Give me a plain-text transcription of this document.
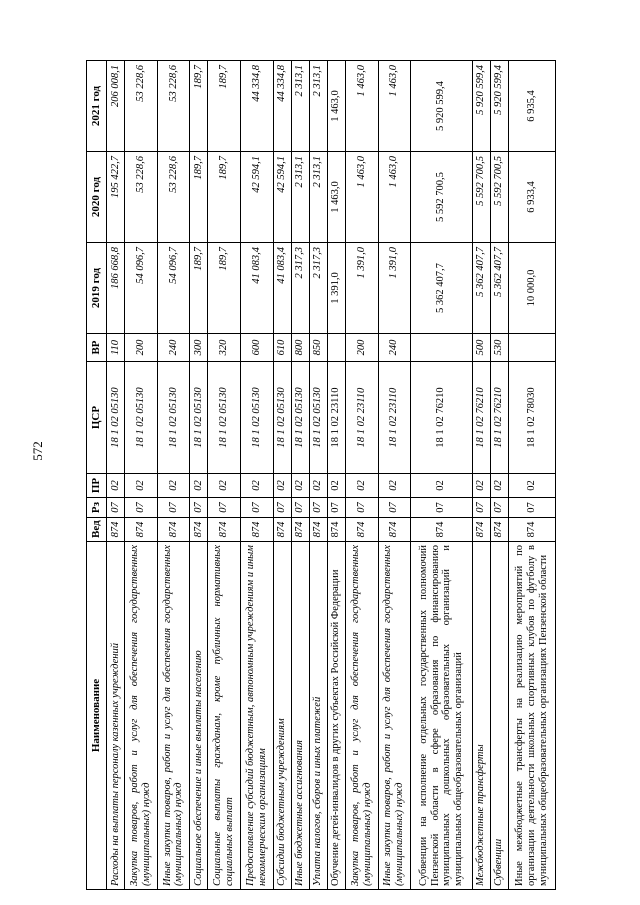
572
Наименование	Вед	Рз	ПР	ЦСР	ВР	2019 год	2020 год	2021 год
Расходы на выплаты персоналу казенных учреждений	874	07	02	18 1 02 05130	110	186 668,8	195 422,7	206 008,1
Закупка товаров, работ и услуг для обеспечения государственных (муниципальных) нужд	874	07	02	18 1 02 05130	200	54 096,7	53 228,6	53 228,6
Иные закупки товаров, работ и услуг для обеспечения государственных (муниципальных) нужд	874	07	02	18 1 02 05130	240	54 096,7	53 228,6	53 228,6
Социальное обеспечение и иные выплаты населению	874	07	02	18 1 02 05130	300	189,7	189,7	189,7
Социальные выплаты гражданам, кроме публичных нормативных социальных выплат	874	07	02	18 1 02 05130	320	189,7	189,7	189,7
Предоставление субсидий бюджетным, автономным учреждениям и иным некоммерческим организациям	874	07	02	18 1 02 05130	600	41 083,4	42 594,1	44 334,8
Субсидии бюджетным учреждениям	874	07	02	18 1 02 05130	610	41 083,4	42 594,1	44 334,8
Иные бюджетные ассигнования	874	07	02	18 1 02 05130	800	2 317,3	2 313,1	2 313,1
Уплата налогов, сборов и иных платежей	874	07	02	18 1 02 05130	850	2 317,3	2 313,1	2 313,1
Обучение детей-инвалидов в других субъектах Российской Федерации	874	07	02	18 1 02 23110		1 391,0	1 463,0	1 463,0
Закупка товаров, работ и услуг для обеспечения государственных (муниципальных) нужд	874	07	02	18 1 02 23110	200	1 391,0	1 463,0	1 463,0
Иные закупки товаров, работ и услуг для обеспечения государственных (муниципальных) нужд	874	07	02	18 1 02 23110	240	1 391,0	1 463,0	1 463,0
Субвенции на исполнение отдельных государственных полномочий Пензенской области в сфере образования по финансированию муниципальных дошкольных образовательных организаций и муниципальных общеобразовательных организаций	874	07	02	18 1 02 76210		5 362 407,7	5 592 700,5	5 920 599,4
Межбюджетные трансферты	874	07	02	18 1 02 76210	500	5 362 407,7	5 592 700,5	5 920 599,4
Субвенции	874	07	02	18 1 02 76210	530	5 362 407,7	5 592 700,5	5 920 599,4
Иные межбюджетные трансферты на реализацию мероприятий по организации деятельности школьных спортивных клубов по футболу в муниципальных общеобразовательных организациях Пензенской области	874	07	02	18 1 02 78030		10 000,0	6 933,4	6 935,4
